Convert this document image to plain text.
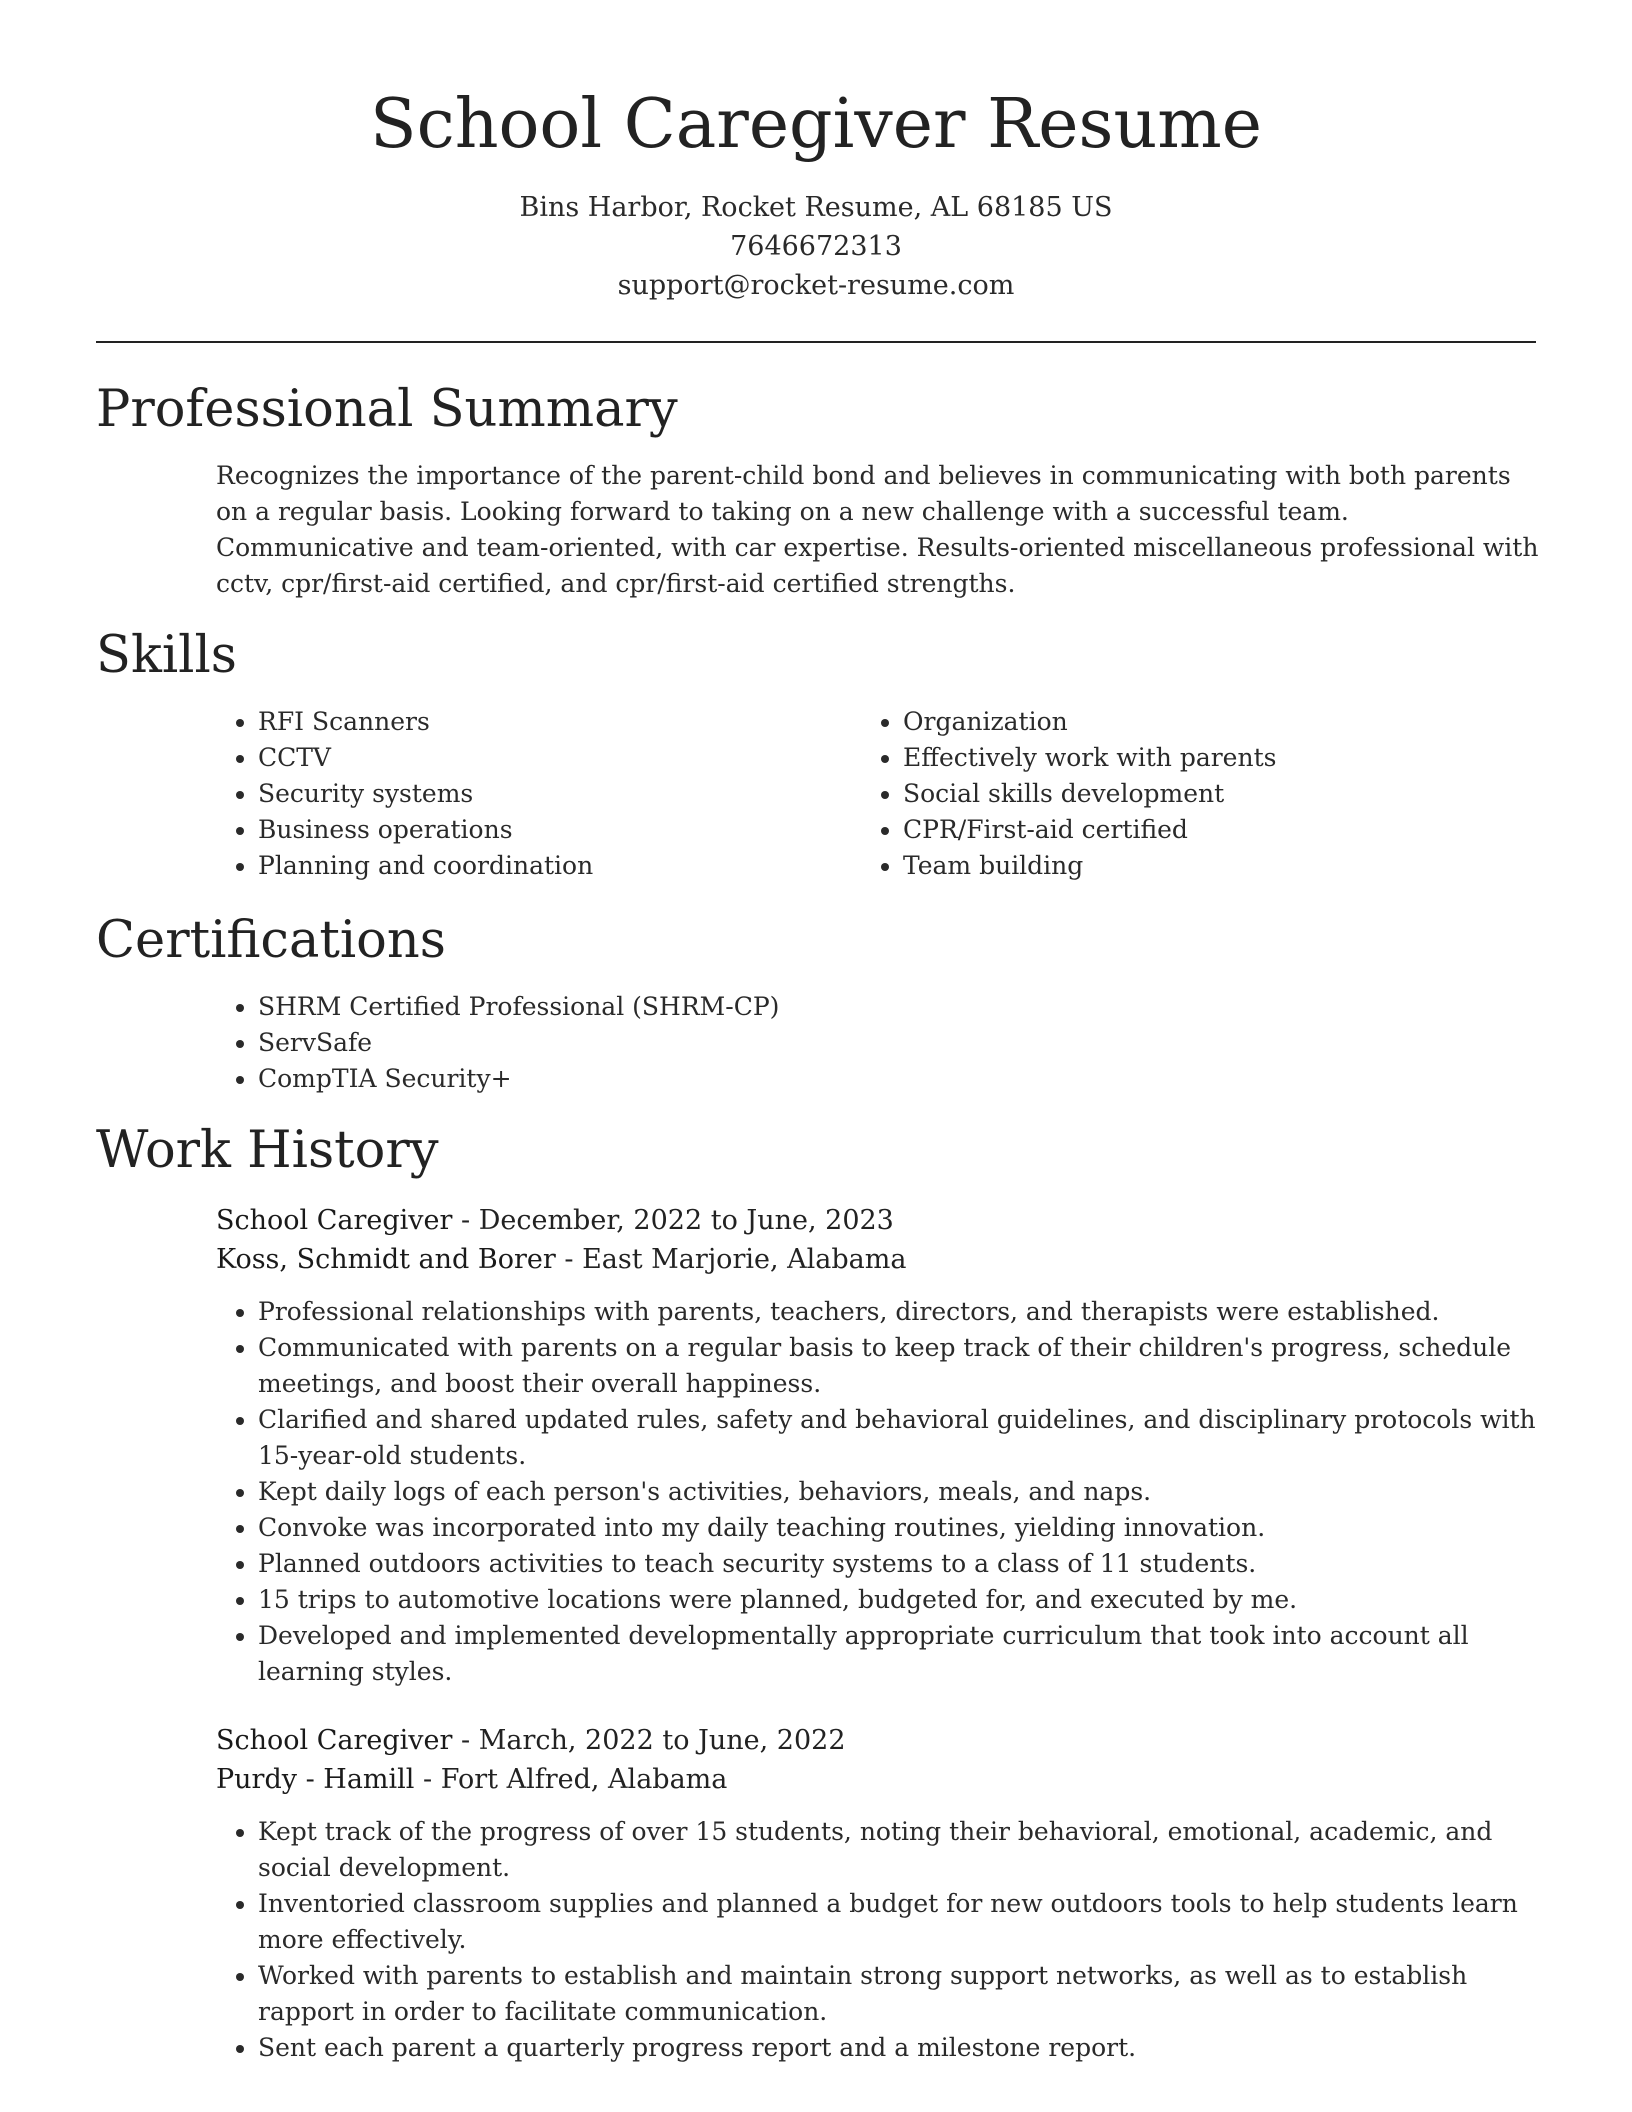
School Caregiver Resume
Bins Harbor, Rocket Resume, AL 68185 US
7646672313
support@rocket-resume.com
Professional Summary

Recognizes the importance of the parent-child bond and believes in communicating with both parents on a regular basis. Looking forward to taking on a new challenge with a successful team. Communicative and team-oriented, with car expertise. Results-oriented miscellaneous professional with cctv, cpr/first-aid certified, and cpr/first-aid certified strengths.

Skills
• RFI Scanners
• CCTV
• Security systems
• Business operations
• Planning and coordination
• Organization
• Effectively work with parents
• Social skills development
• CPR/First-aid certified
• Team building
Certifications
• SHRM Certified Professional (SHRM-CP)
• ServSafe
• CompTIA Security+
Work History
School Caregiver - December, 2022 to June, 2023
Koss, Schmidt and Borer - East Marjorie, Alabama
• Professional relationships with parents, teachers, directors, and therapists were established.
• Communicated with parents on a regular basis to keep track of their children's progress, schedule meetings, and boost their overall happiness.
• Clarified and shared updated rules, safety and behavioral guidelines, and disciplinary protocols with 15-year-old students.
• Kept daily logs of each person's activities, behaviors, meals, and naps.
• Convoke was incorporated into my daily teaching routines, yielding innovation.
• Planned outdoors activities to teach security systems to a class of 11 students.
• 15 trips to automotive locations were planned, budgeted for, and executed by me.
• Developed and implemented developmentally appropriate curriculum that took into account all learning styles.
School Caregiver - March, 2022 to June, 2022
Purdy - Hamill - Fort Alfred, Alabama
• Kept track of the progress of over 15 students, noting their behavioral, emotional, academic, and social development.
• Inventoried classroom supplies and planned a budget for new outdoors tools to help students learn more effectively.
• Worked with parents to establish and maintain strong support networks, as well as to establish rapport in order to facilitate communication.
• Sent each parent a quarterly progress report and a milestone report.
